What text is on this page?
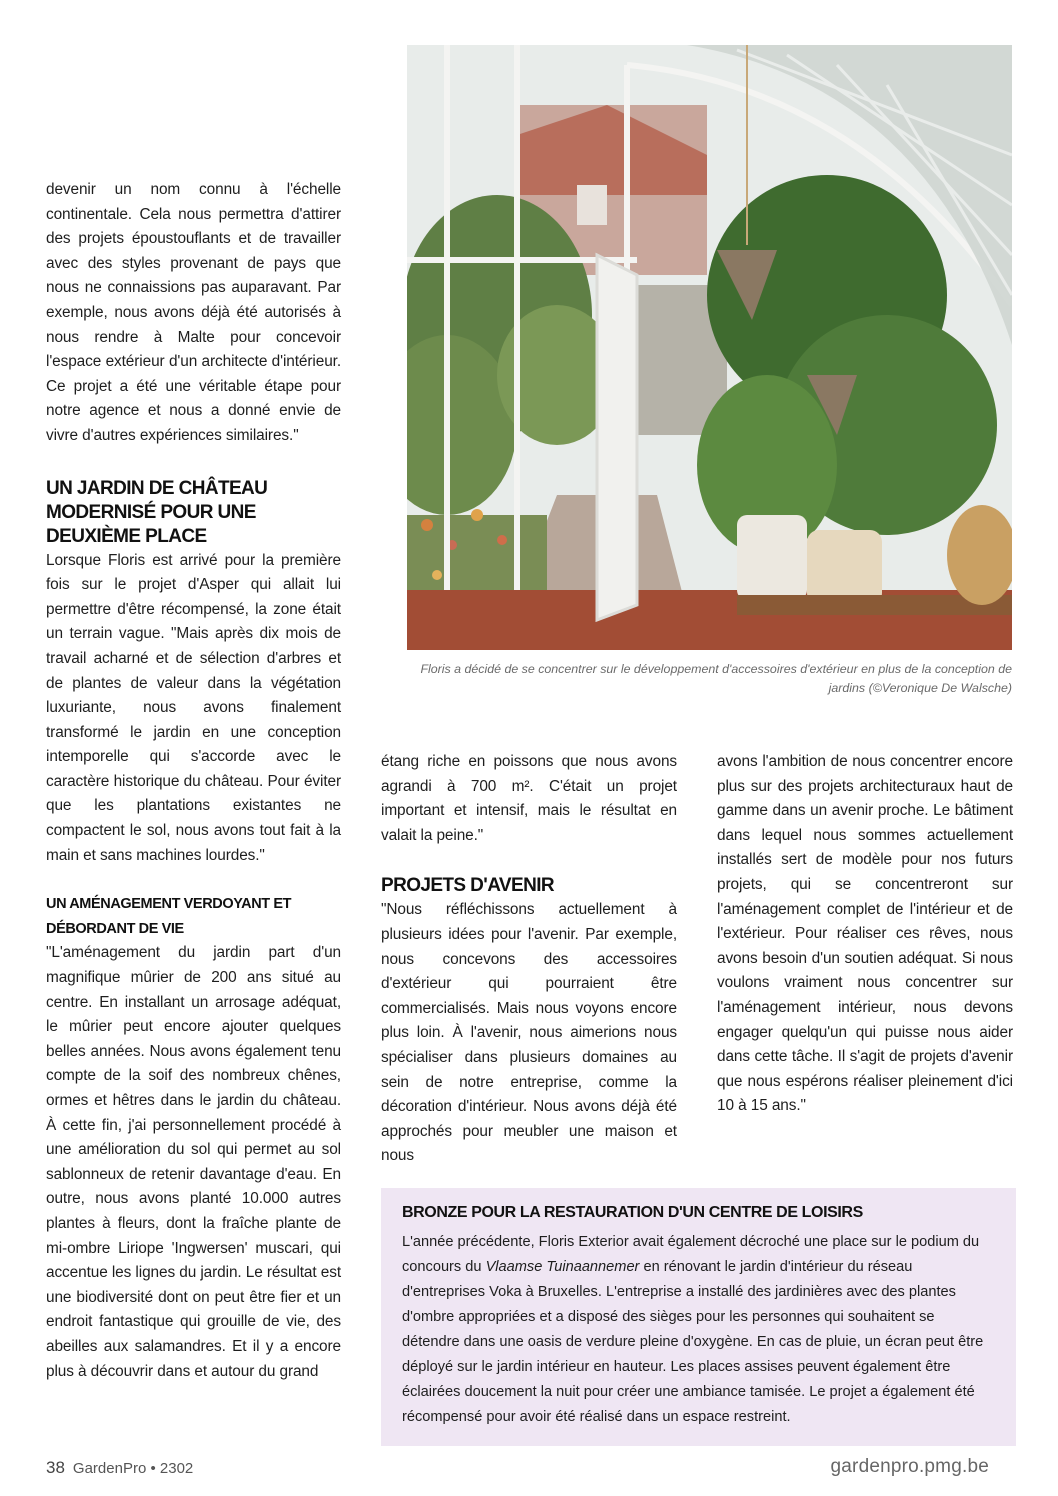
devenir un nom connu à l'échelle continentale. Cela nous permettra d'attirer des projets époustouflants et de travailler avec des styles provenant de pays que nous ne connaissions pas auparavant. Par exemple, nous avons déjà été autorisés à nous rendre à Malte pour concevoir l'espace extérieur d'un architecte d'intérieur. Ce projet a été une véritable étape pour notre agence et nous a donné envie de vivre d'autres expériences similaires."

UN JARDIN DE CHÂTEAU MODERNISÉ POUR UNE DEUXIÈME PLACE

Lorsque Floris est arrivé pour la première fois sur le projet d'Asper qui allait lui permettre d'être récompensé, la zone était un terrain vague. "Mais après dix mois de travail acharné et de sélection d'arbres et de plantes de valeur dans la végétation luxuriante, nous avons finalement transformé le jardin en une conception intemporelle qui s'accorde avec le caractère historique du château. Pour éviter que les plantations existantes ne compactent le sol, nous avons tout fait à la main et sans machines lourdes."

UN AMÉNAGEMENT VERDOYANT ET DÉBORDANT DE VIE

"L'aménagement du jardin part d'un magnifique mûrier de 200 ans situé au centre. En installant un arrosage adéquat, le mûrier peut encore ajouter quelques belles années. Nous avons également tenu compte de la soif des nombreux chênes, ormes et hêtres dans le jardin du château. À cette fin, j'ai personnellement procédé à une amélioration du sol qui permet au sol sablonneux de retenir davantage d'eau. En outre, nous avons planté 10.000 autres plantes à fleurs, dont la fraîche plante de mi-ombre Liriope 'Ingwersen' muscari, qui accentue les lignes du jardin. Le résultat est une biodiversité dont on peut être fier et un endroit fantastique qui grouille de vie, des abeilles aux salamandres. Et il y a encore plus à découvrir dans et autour du grand

Floris a décidé de se concentrer sur le développement d'accessoires d'extérieur en plus de la conception de jardins (©Veronique De Walsche)

étang riche en poissons que nous avons agrandi à 700 m². C'était un projet important et intensif, mais le résultat en valait la peine."

PROJETS D'AVENIR

"Nous réfléchissons actuellement à plusieurs idées pour l'avenir. Par exemple, nous concevons des accessoires d'extérieur qui pourraient être commercialisés. Mais nous voyons encore plus loin. À l'avenir, nous aimerions nous spécialiser dans plusieurs domaines au sein de notre entreprise, comme la décoration d'intérieur. Nous avons déjà été approchés pour meubler une maison et nous

avons l'ambition de nous concentrer encore plus sur des projets architecturaux haut de gamme dans un avenir proche. Le bâtiment dans lequel nous sommes actuellement installés sert de modèle pour nos futurs projets, qui se concentreront sur l'aménagement complet de l'intérieur et de l'extérieur. Pour réaliser ces rêves, nous avons besoin d'un soutien adéquat. Si nous voulons vraiment nous concentrer sur l'aménagement intérieur, nous devons engager quelqu'un qui puisse nous aider dans cette tâche. Il s'agit de projets d'avenir que nous espérons réaliser pleinement d'ici 10 à 15 ans."

BRONZE POUR LA RESTAURATION D'UN CENTRE DE LOISIRS

L'année précédente, Floris Exterior avait également décroché une place sur le podium du concours du Vlaamse Tuinaannemer en rénovant le jardin d'intérieur du réseau d'entreprises Voka à Bruxelles. L'entreprise a installé des jardinières avec des plantes d'ombre appropriées et a disposé des sièges pour les personnes qui souhaitent se détendre dans une oasis de verdure pleine d'oxygène. En cas de pluie, un écran peut être déployé sur le jardin intérieur en hauteur. Les places assises peuvent également être éclairées doucement la nuit pour créer une ambiance tamisée. Le projet a également été récompensé pour avoir été réalisé dans un espace restreint.

38 GardenPro • 2302	gardenpro.pmg.be
